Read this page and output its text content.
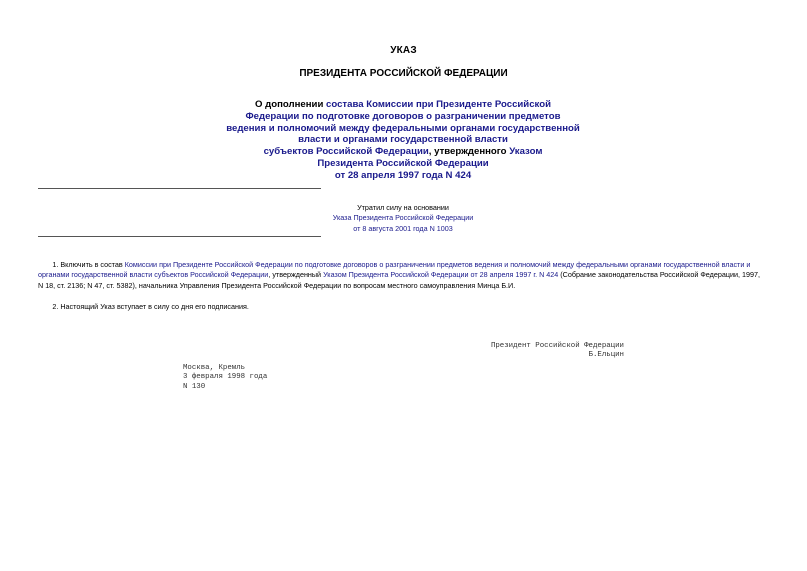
УКАЗ
ПРЕЗИДЕНТА РОССИЙСКОЙ ФЕДЕРАЦИИ
О дополнении состава Комиссии при Президенте Российской
Федерации по подготовке договоров о разграничении предметов
ведения и полномочий между федеральными органами государственной
власти и органами государственной власти
субъектов Российской Федерации, утвержденного Указом
Президента Российской Федерации
от 28 апреля 1997 года N 424
Утратил силу на основании
Указа Президента Российской Федерации
от 8 августа 2001 года N 1003
  1. Включить в состав Комиссии при Президенте Российской Федерации по подготовке договоров о разграничении предметов ведения и полномочий между федеральными органами государственной власти и
органами государственной власти субъектов Российской Федерации, утвержденный Указом Президента Российской Федерации от 28 апреля 1997 г. N 424 (Собрание законодательства Российской Федерации, 1997,
N 18, ст. 2136; N 47, ст. 5382), начальника Управления Президента Российской Федерации по вопросам местного самоуправления Минца Б.И.
  2. Настоящий Указ вступает в силу со дня его подписания.
Президент Российской Федерации
Б.Ельцин
Москва, Кремль
3 февраля 1998 года
N 130
